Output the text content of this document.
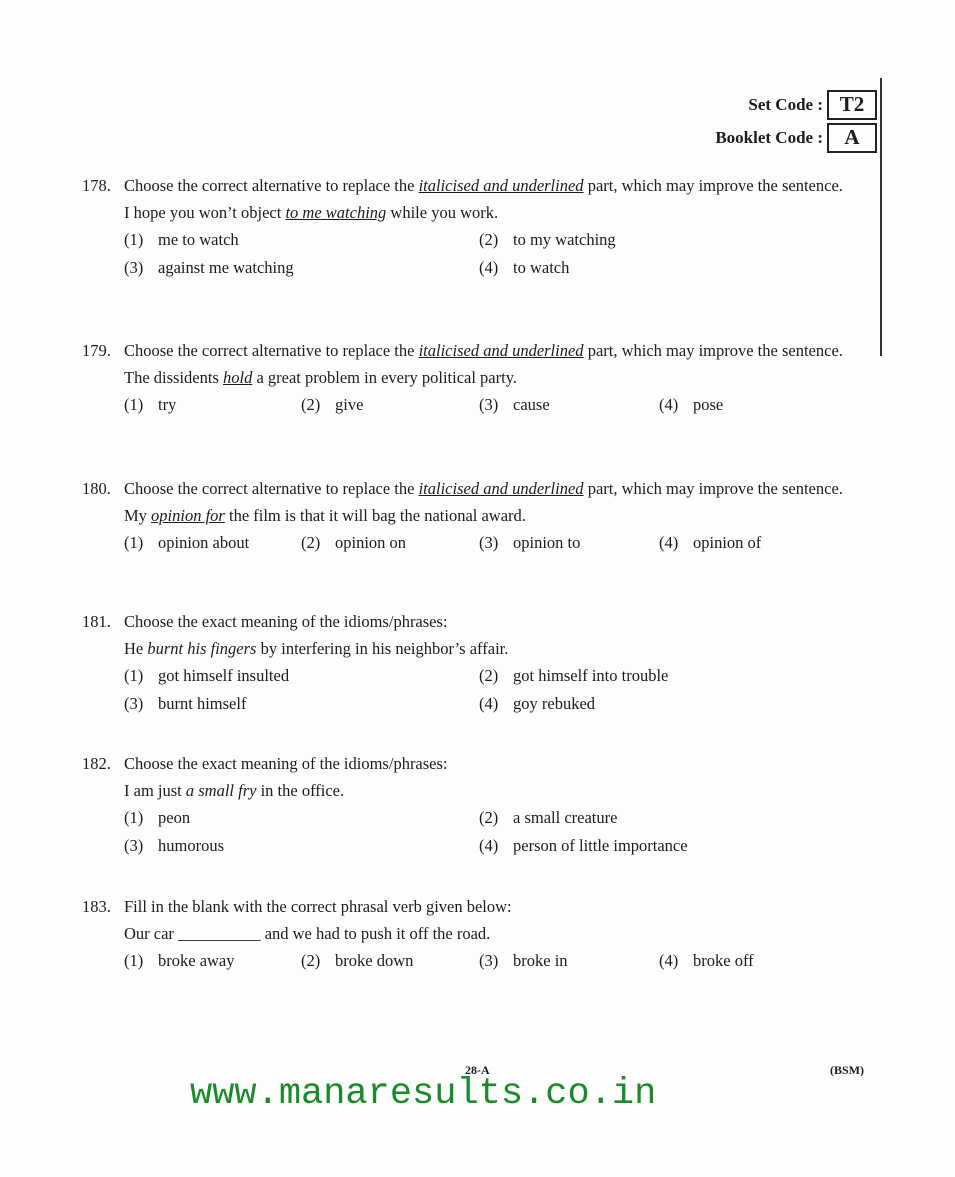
Set Code : T2
Booklet Code :	A
178. Choose the correct alternative to replace the italicised and underlined part, which may improve the sentence.
I hope you won’t object to me watching while you work.
(1) me to watch	(2) to my watching
(3) against me watching	(4) to watch
179. Choose the correct alternative to replace the italicised and underlined part, which may improve the sentence.
The dissidents hold a great problem in every political party.
(1) try	(2) give	(3) cause	(4) pose
180. Choose the correct alternative to replace the italicised and underlined part, which may improve the sentence.
My opinion for the film is that it will bag the national award.
(1) opinion about	(2) opinion on	(3) opinion to	(4) opinion of
181. Choose the exact meaning of the idioms/phrases:
He burnt his fingers by interfering in his neighbor’s affair.
(1) got himself insulted	(2) got himself into trouble
(3) burnt himself	(4) goy rebuked
182. Choose the exact meaning of the idioms/phrases:
I am just a small fry in the office.
(1) peon	(2) a small creature
(3) humorous	(4) person of little importance
183. Fill in the blank with the correct phrasal verb given below:
Our car __________ and we had to push it off the road.
(1) broke away	(2) broke down	(3) broke in	(4) broke off
28-A	(BSM)
www.manaresults.co.in
